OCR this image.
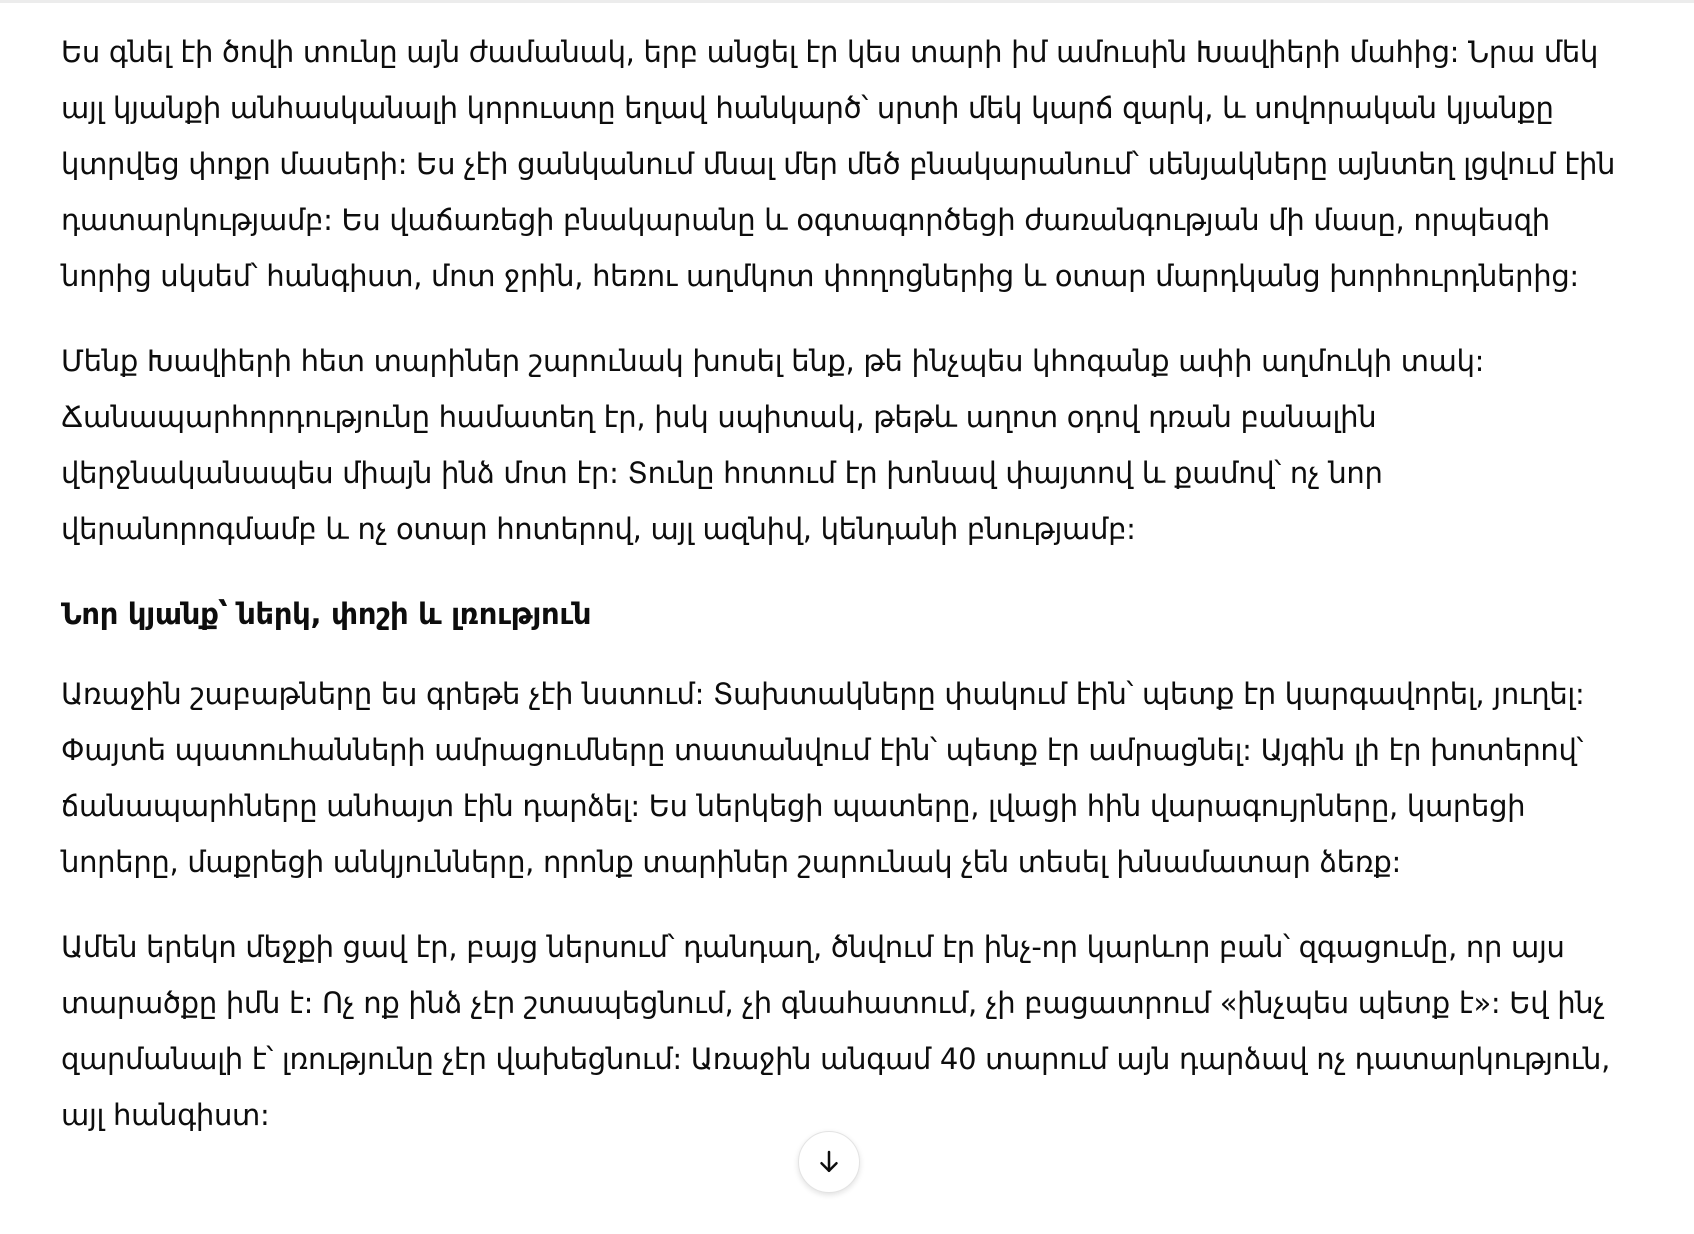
Ես գնել էի ծովի տունը այն ժամանակ, երբ անցել էր կես տարի իմ ամուսին Խավիերի մահից: Նրա մեկ այլ կյանքի անհասկանալի կորուստը եղավ հանկարծ՝ սրտի մեկ կարճ զարկ, և սովորական կյանքը կտրվեց փոքր մասերի: Ես չէի ցանկանում մնալ մեր մեծ բնակարանում՝ սենյակները այնտեղ լցվում էին դատարկությամբ: Ես վաճառեցի բնակարանը և օգտագործեցի ժառանգության մի մասը, որպեսզի նորից սկսեմ՝ հանգիստ, մոտ ջրին, հեռու աղմկոտ փողոցներից և օտար մարդկանց խորհուրդներից:

Մենք Խավիերի հետ տարիներ շարունակ խոսել ենք, թե ինչպես կհոգանք ափի աղմուկի տակ: Ճանապարհորդությունը համատեղ էր, իսկ սպիտակ, թեթև աղոտ օդով դռան բանալին վերջնականապես միայն ինձ մոտ էր: Տունը հոտում էր խոնավ փայտով և քամով՝ ոչ նոր վերանորոգմամբ և ոչ օտար հոտերով, այլ ազնիվ, կենդանի բնությամբ:

Նոր կյանք՝ ներկ, փոշի և լռություն

Առաջին շաբաթները ես գրեթե չէի նստում: Տախտակները փակում էին՝ պետք էր կարգավորել, յուղել: Փայտե պատուհանների ամրացումները տատանվում էին՝ պետք էր ամրացնել: Այգին լի էր խոտերով՝ ճանապարհները անհայտ էին դարձել: Ես ներկեցի պատերը, լվացի հին վարագույրները, կարեցի նորերը, մաքրեցի անկյունները, որոնք տարիներ շարունակ չեն տեսել խնամատար ձեռք:

Ամեն երեկո մեջքի ցավ էր, բայց ներսում՝ դանդաղ, ծնվում էր ինչ-որ կարևոր բան՝ զգացումը, որ այս տարածքը իմն է: Ոչ ոք ինձ չէր շտապեցնում, չի գնահատում, չի բացատրում «ինչպես պետք է»: Եվ ինչ զարմանալի է՝ լռությունը չէր վախեցնում: Առաջին անգամ 40 տարում այն դարձավ ոչ դատարկություն, այլ հանգիստ:
